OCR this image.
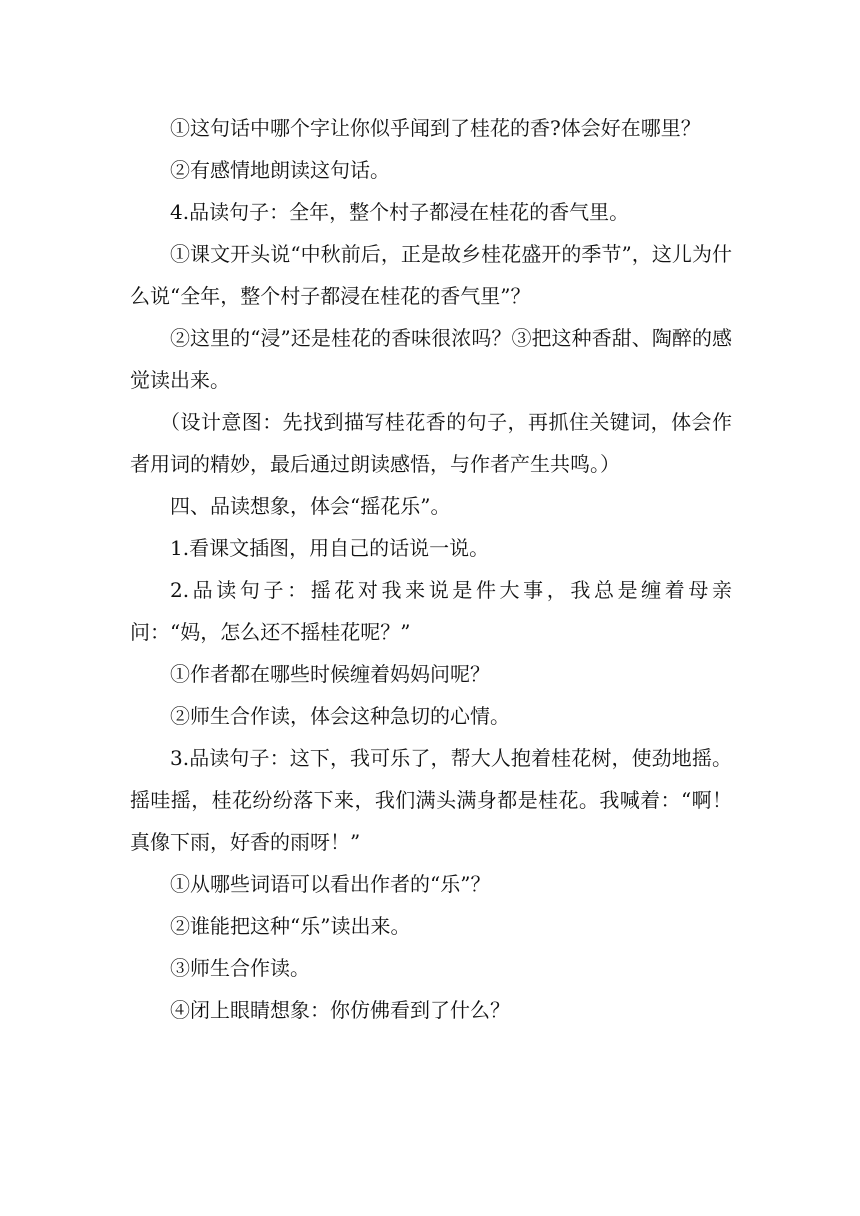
①这句话中哪个字让你似乎闻到了桂花的香?体会好在哪里？

②有感情地朗读这句话。

4.品读句子：全年，整个村子都浸在桂花的香气里。

①课文开头说“中秋前后，正是故乡桂花盛开的季节”，这儿为什么说“全年，整个村子都浸在桂花的香气里”？

②这里的“浸”还是桂花的香味很浓吗？③把这种香甜、陶醉的感觉读出来。

（设计意图：先找到描写桂花香的句子，再抓住关键词，体会作者用词的精妙，最后通过朗读感悟，与作者产生共鸣。）

四、品读想象，体会“摇花乐”。

1.看课文插图，用自己的话说一说。

2.品读句子：摇花对我来说是件大事，我总是缠着母亲问：“妈，怎么还不摇桂花呢？”

①作者都在哪些时候缠着妈妈问呢？

②师生合作读，体会这种急切的心情。

3.品读句子：这下，我可乐了，帮大人抱着桂花树，使劲地摇。摇哇摇，桂花纷纷落下来，我们满头满身都是桂花。我喊着：“啊！真像下雨，好香的雨呀！”

①从哪些词语可以看出作者的“乐”？

②谁能把这种“乐”读出来。

③师生合作读。

④闭上眼睛想象：你仿佛看到了什么？
